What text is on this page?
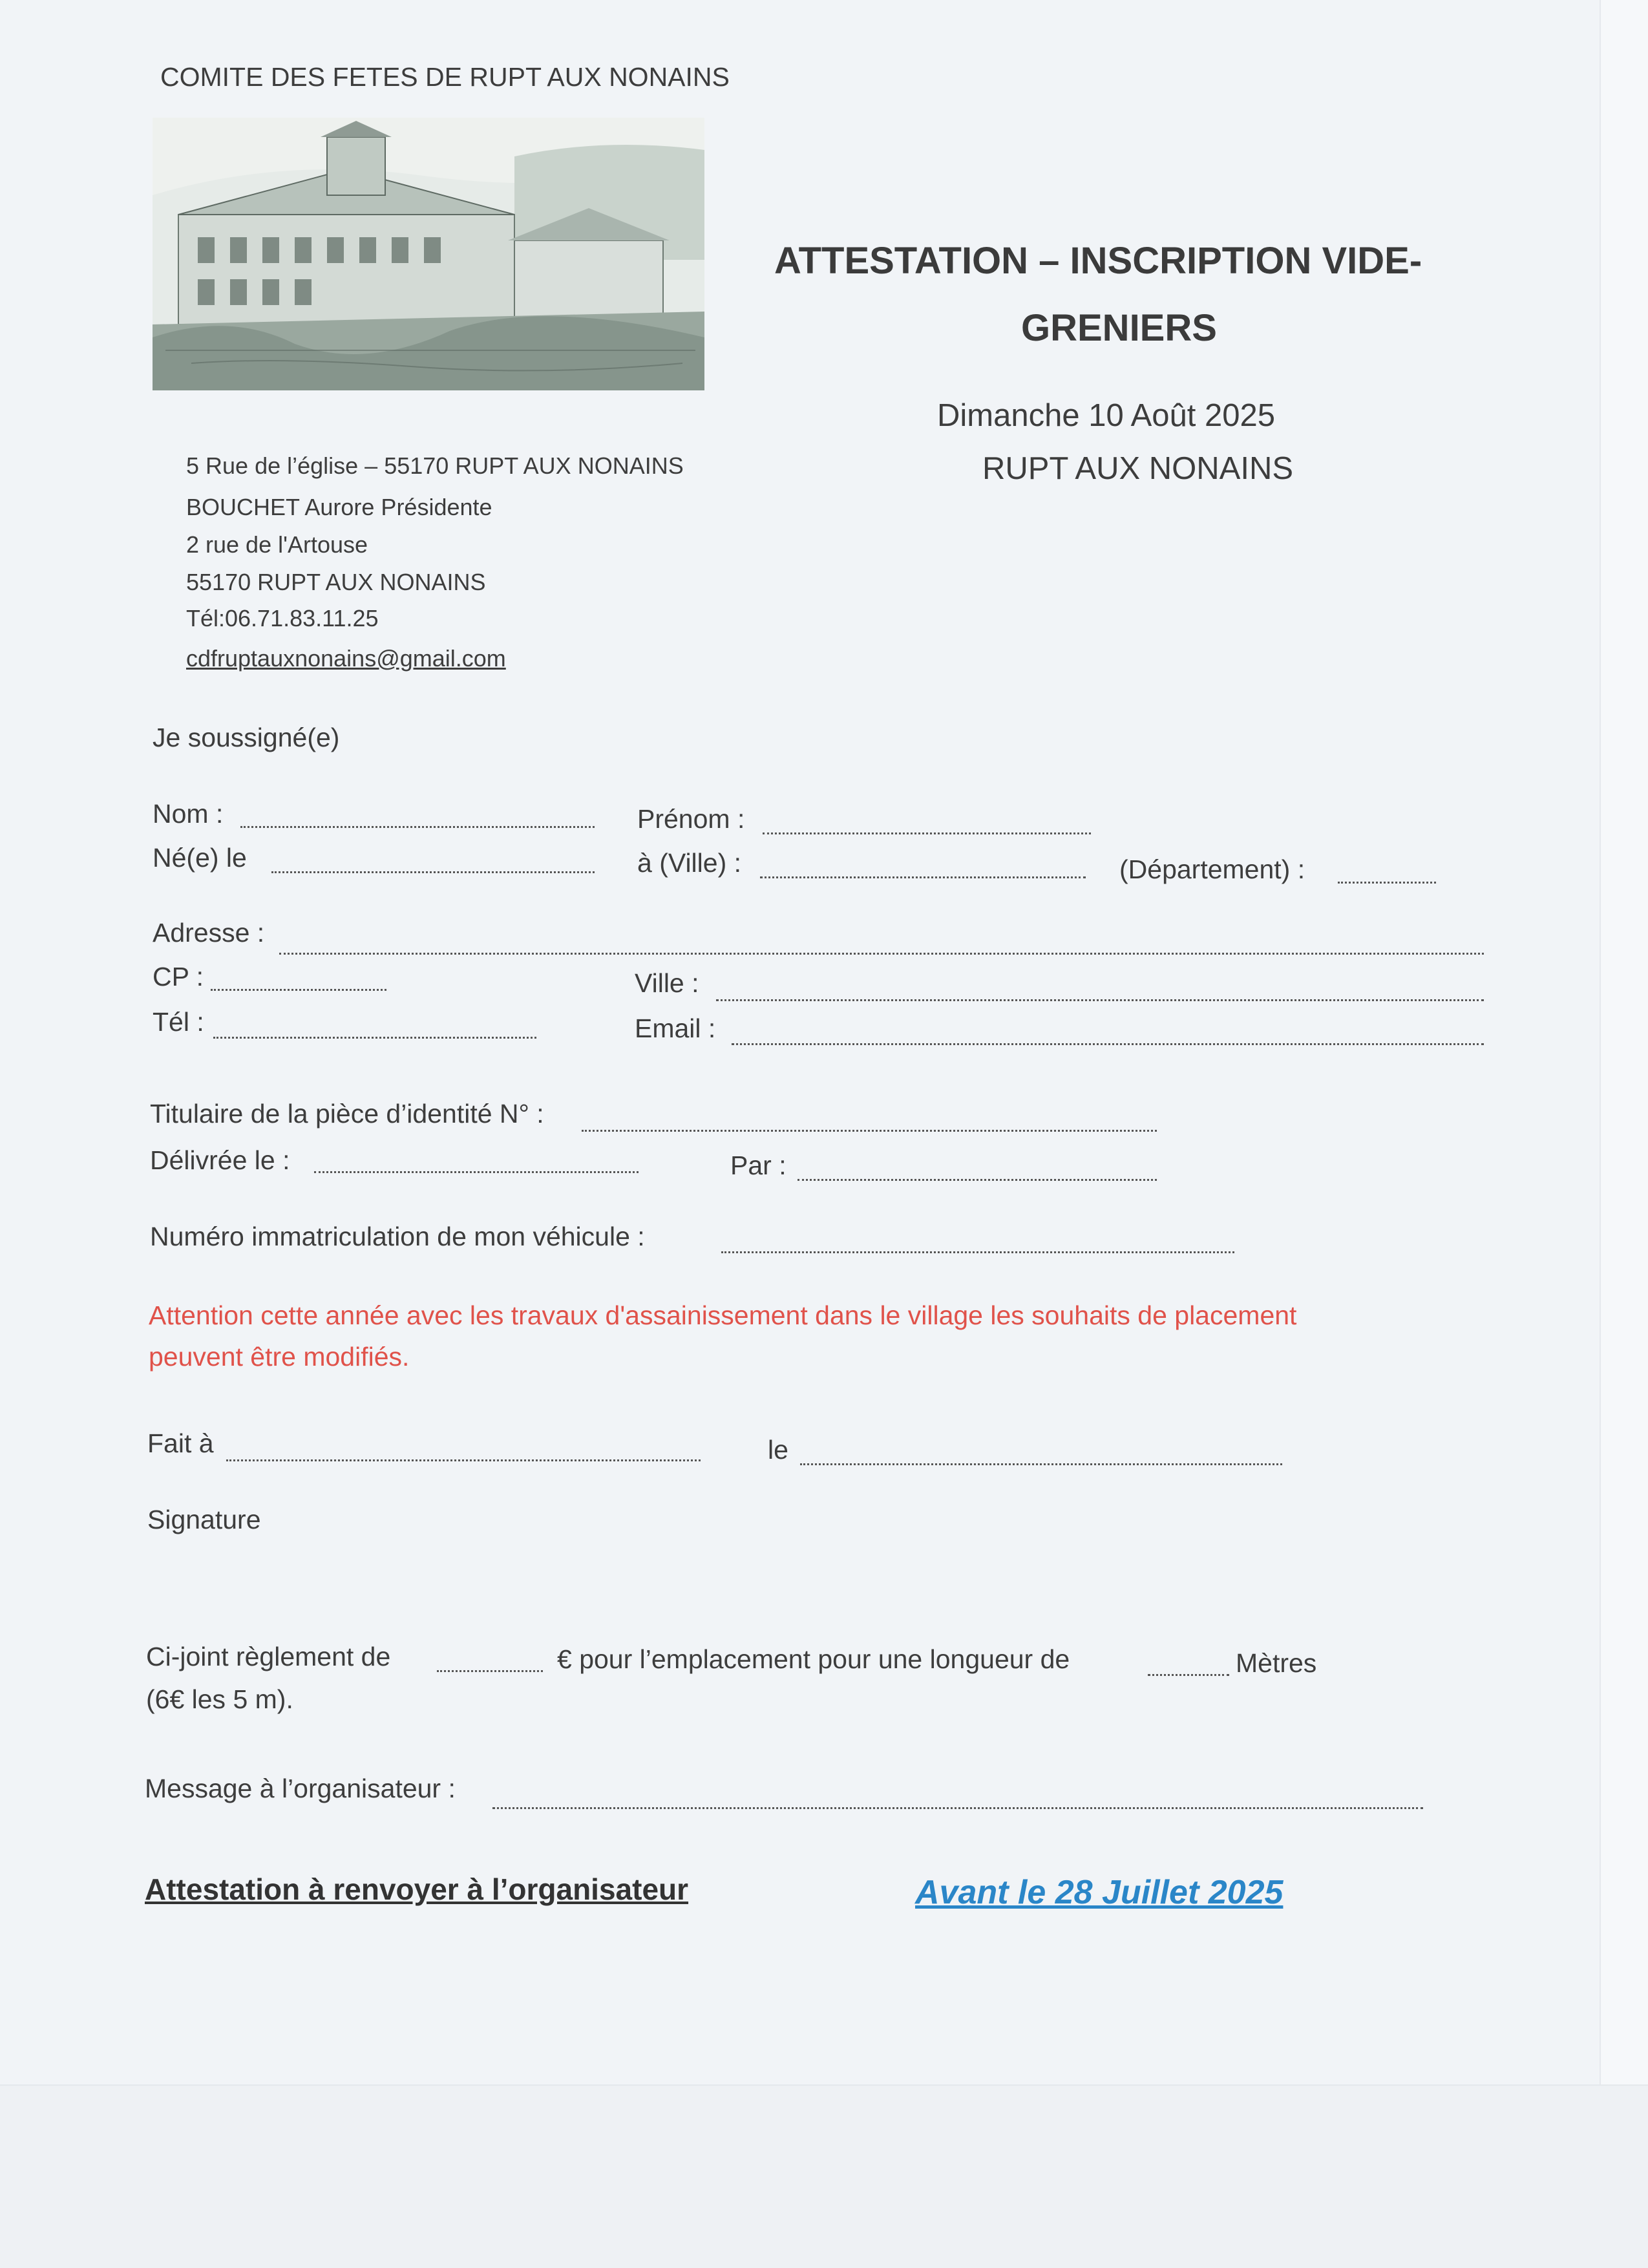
COMITE DES FETES DE RUPT AUX NONAINS
5 Rue de l’église – 55170 RUPT AUX NONAINS
BOUCHET Aurore Présidente
2 rue de l'Artouse
55170 RUPT AUX NONAINS
Tél:06.71.83.11.25
cdfruptauxnonains@gmail.com
ATTESTATION – INSCRIPTION VIDE-
GRENIERS
Dimanche 10 Août 2025
RUPT AUX NONAINS
Je soussigné(e)
Nom :	Prénom :
Né(e) le	à (Ville) :	(Département) :
Adresse :
CP :	Ville :
Tél :	Email :
Titulaire de la pièce d’identité N° :
Délivrée le :	Par :
Numéro immatriculation de mon véhicule :
Attention cette année avec les travaux d'assainissement dans le village les souhaits de placement
peuvent être modifiés.
Fait à	le
Signature
Ci-joint règlement de	€ pour l’emplacement pour une longueur de	Mètres
(6€ les 5 m).
Message à l’organisateur :
Attestation à renvoyer à l’organisateur	Avant le 28 Juillet 2025
